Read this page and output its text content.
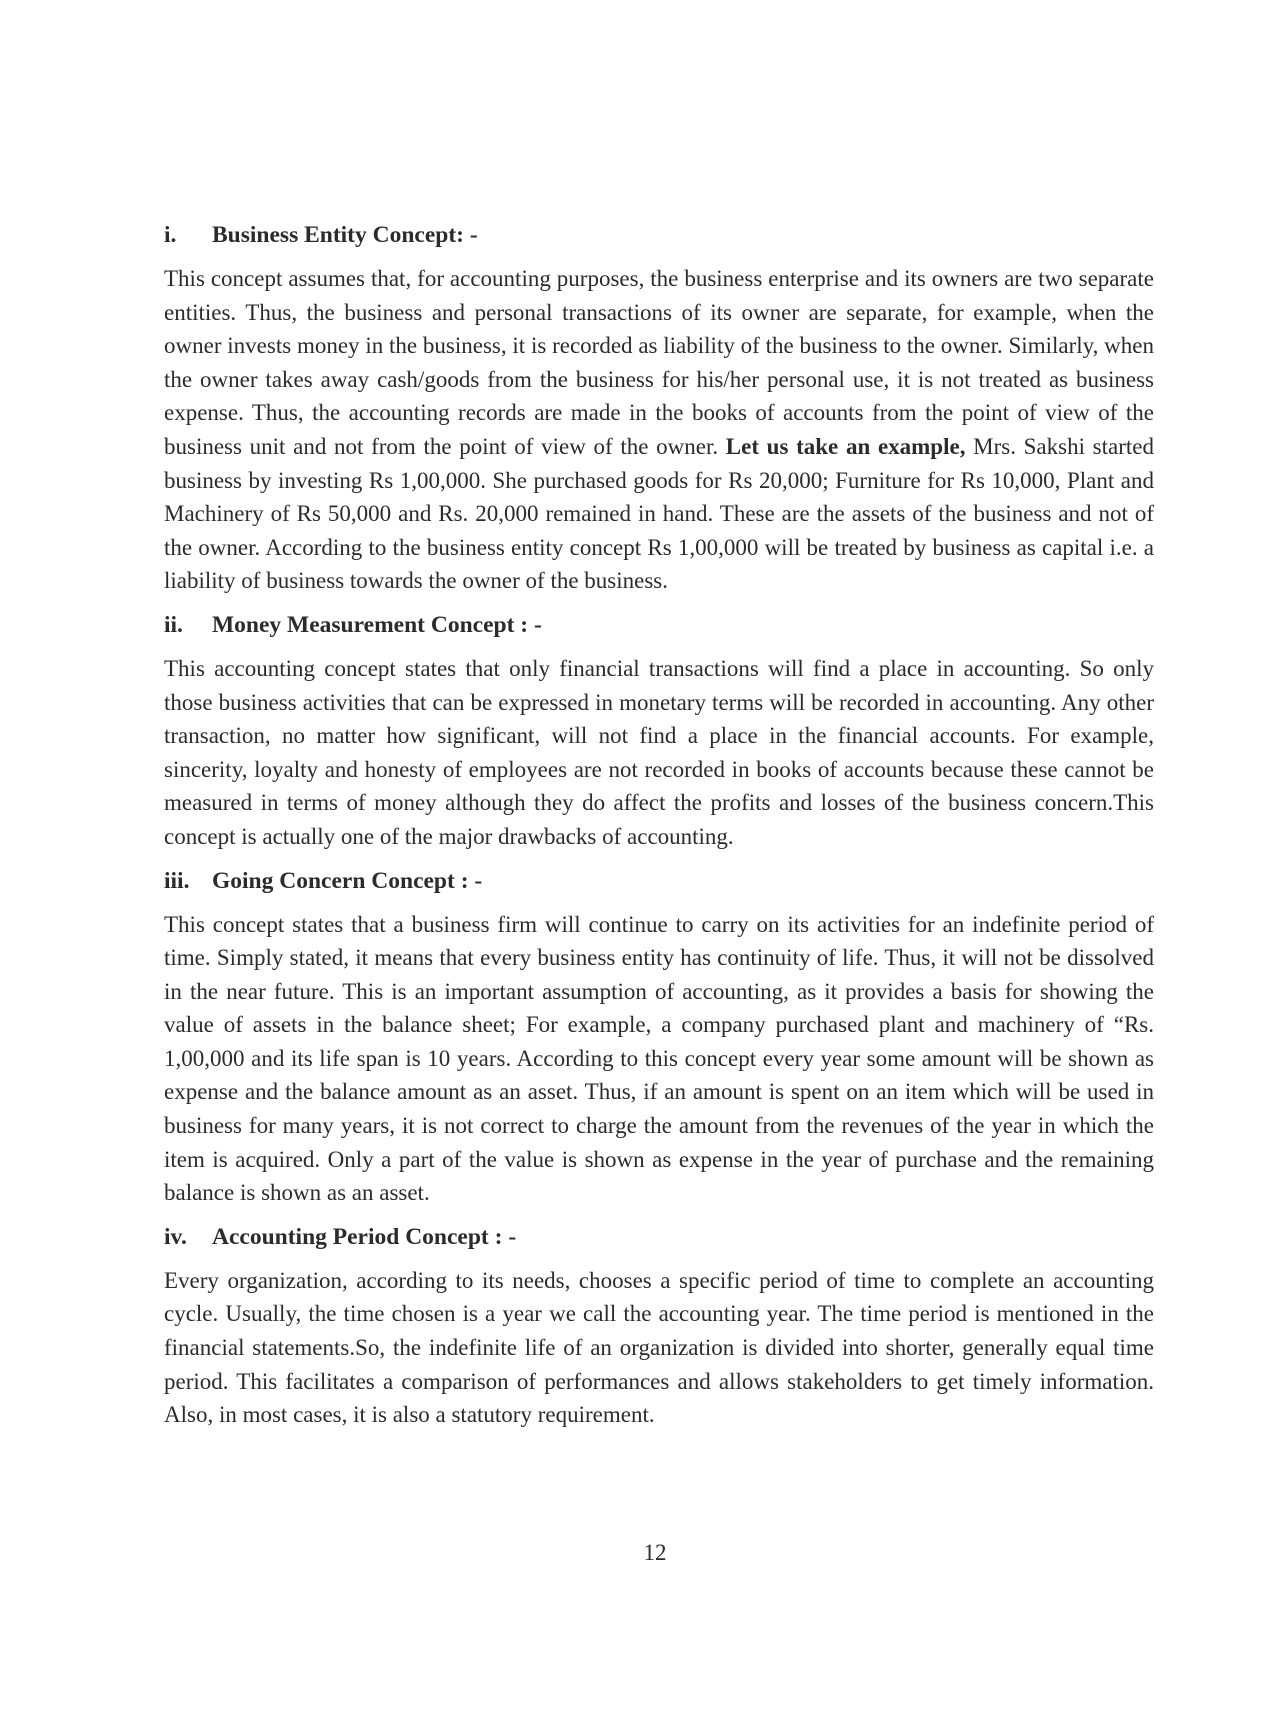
i.	Business Entity Concept: -

This concept assumes that, for accounting purposes, the business enterprise and its owners are two separate entities. Thus, the business and personal transactions of its owner are separate, for example, when the owner invests money in the business, it is recorded as liability of the business to the owner. Similarly, when the owner takes away cash/goods from the business for his/her personal use, it is not treated as business expense. Thus, the accounting records are made in the books of accounts from the point of view of the business unit and not from the point of view of the owner. Let us take an example, Mrs. Sakshi started business by investing Rs 1,00,000. She purchased goods for Rs 20,000; Furniture for Rs 10,000, Plant and Machinery of Rs 50,000 and Rs. 20,000 remained in hand. These are the assets of the business and not of the owner. According to the business entity concept Rs 1,00,000 will be treated by business as capital i.e. a liability of business towards the owner of the business.

ii.	Money Measurement Concept : -

This accounting concept states that only financial transactions will find a place in accounting. So only those business activities that can be expressed in monetary terms will be recorded in accounting. Any other transaction, no matter how significant, will not find a place in the financial accounts. For example, sincerity, loyalty and honesty of employees are not recorded in books of accounts because these cannot be measured in terms of money although they do affect the profits and losses of the business concern.This concept is actually one of the major drawbacks of accounting.

iii. Going Concern Concept : -

This concept states that a business firm will continue to carry on its activities for an indefinite period of time. Simply stated, it means that every business entity has continuity of life. Thus, it will not be dissolved in the near future. This is an important assumption of accounting, as it provides a basis for showing the value of assets in the balance sheet; For example, a company purchased plant and machinery of “Rs. 1,00,000 and its life span is 10 years. According to this concept every year some amount will be shown as expense and the balance amount as an asset. Thus, if an amount is spent on an item which will be used in business for many years, it is not correct to charge the amount from the revenues of the year in which the item is acquired. Only a part of the value is shown as expense in the year of purchase and the remaining balance is shown as an asset.

iv.	Accounting Period Concept : -

Every organization, according to its needs, chooses a specific period of time to complete an accounting cycle. Usually, the time chosen is a year we call the accounting year. The time period is mentioned in the financial statements.So, the indefinite life of an organization is divided into shorter, generally equal time period. This facilitates a comparison of performances and allows stakeholders to get timely information. Also, in most cases, it is also a statutory requirement.

12
